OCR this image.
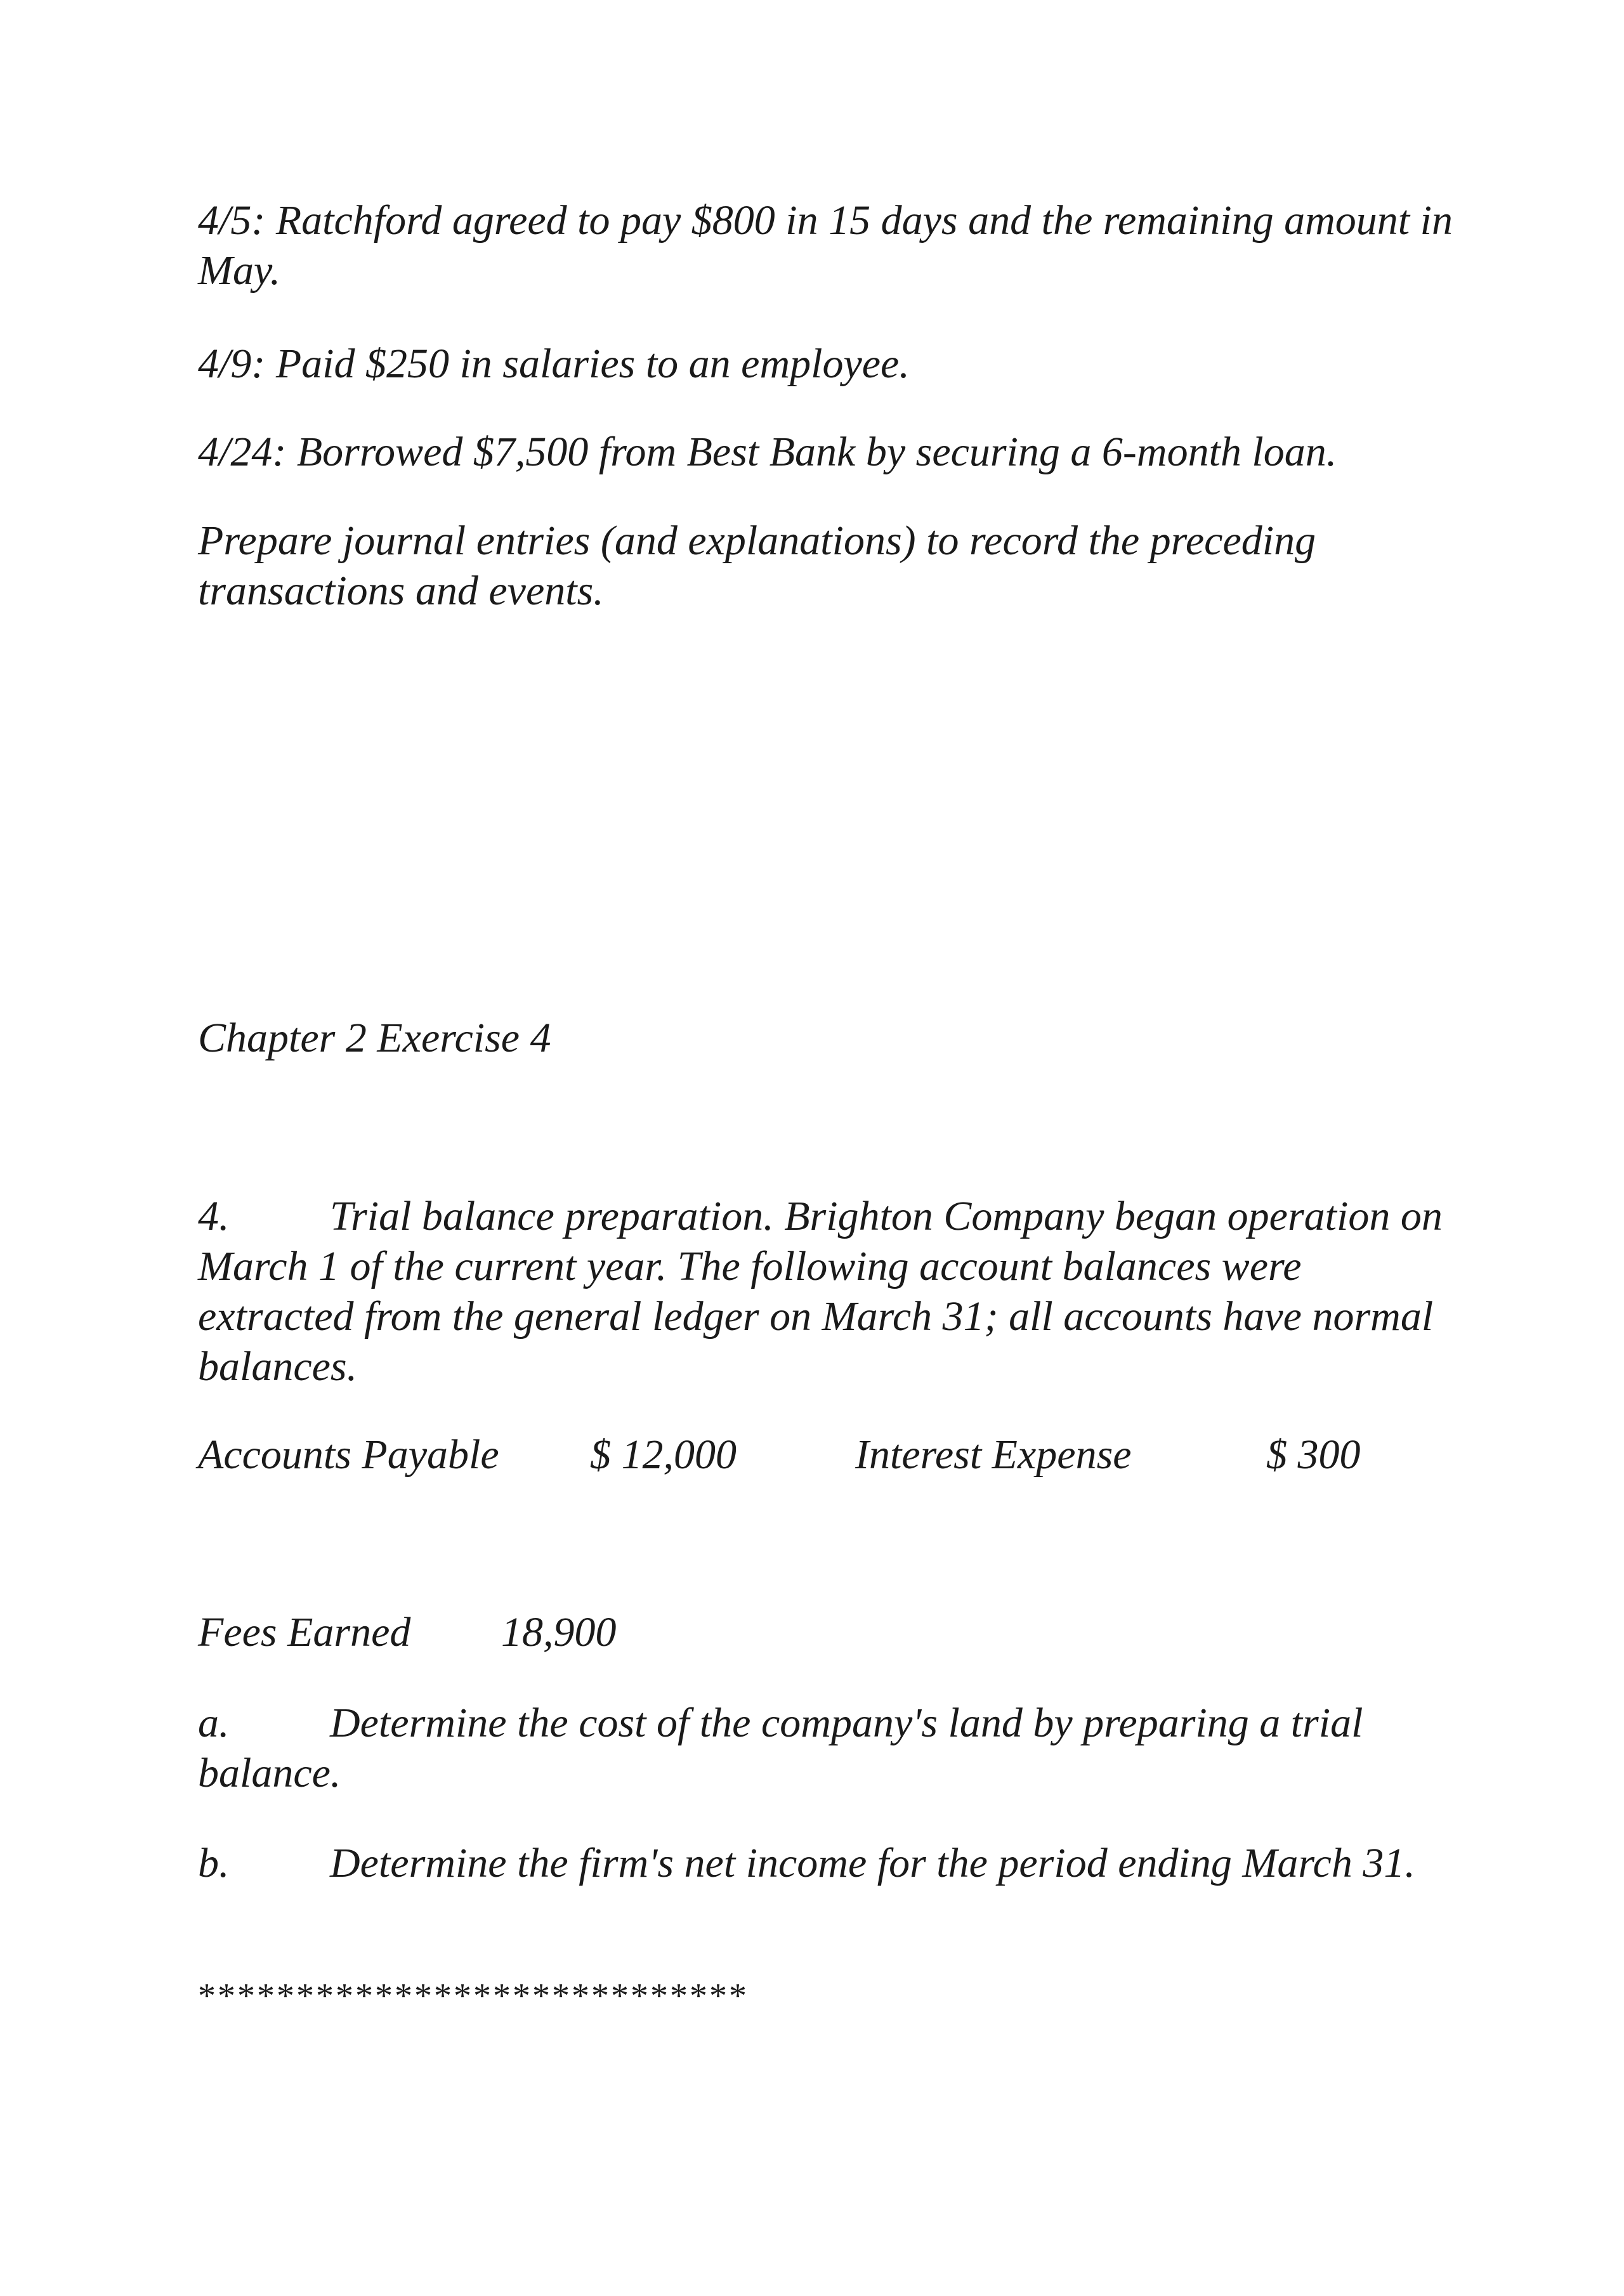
4/5: Ratchford agreed to pay $800 in 15 days and the remaining amount in May.

4/9: Paid $250 in salaries to an employee.

4/24: Borrowed $7,500 from Best Bank by securing a 6-month loan.

Prepare journal entries (and explanations) to record the preceding transactions and events.

Chapter 2 Exercise 4

4. Trial balance preparation. Brighton Company began operation on March 1 of the current year. The following account balances were extracted from the general ledger on March 31; all accounts have normal balances.

Accounts Payable $ 12,000	Interest Expense	$ 300
Fees Earned 18,900

a. Determine the cost of the company's land by preparing a trial balance.

b. Determine the firm's net income for the period ending March 31.

****************************
